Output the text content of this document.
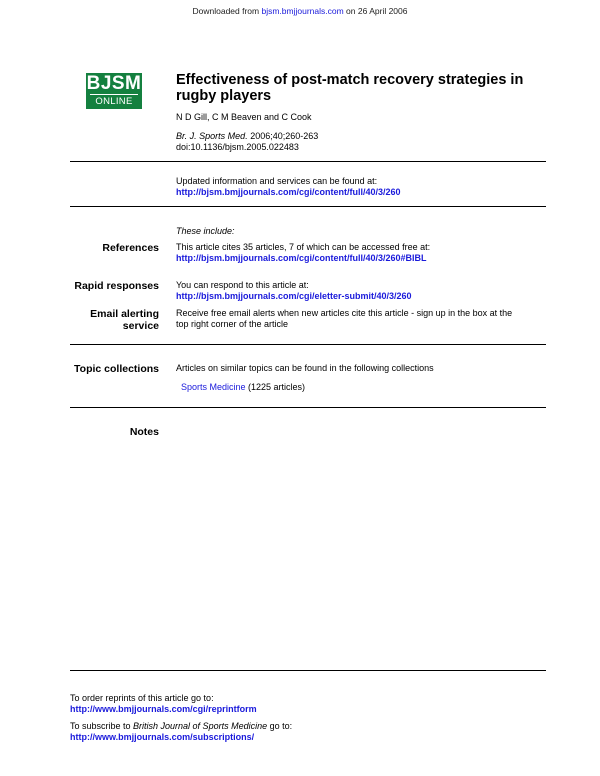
Downloaded from bjsm.bmjjournals.com on 26 April 2006
BJSM
ONLINE
Effectiveness of post-match recovery strategies in rugby players
N D Gill, C M Beaven and C Cook
Br. J. Sports Med. 2006;40;260-263
doi:10.1136/bjsm.2005.022483
Updated information and services can be found at:
http://bjsm.bmjjournals.com/cgi/content/full/40/3/260
These include:
References This article cites 35 articles, 7 of which can be accessed free at:
http://bjsm.bmjjournals.com/cgi/content/full/40/3/260#BIBL
Rapid responses You can respond to this article at:
http://bjsm.bmjjournals.com/cgi/eletter-submit/40/3/260
Email alerting
service
Receive free email alerts when new articles cite this article - sign up in the box at the
top right corner of the article
Topic collections Articles on similar topics can be found in the following collections
Sports Medicine (1225 articles)
Notes
To order reprints of this article go to:
http://www.bmjjournals.com/cgi/reprintform
To subscribe to British Journal of Sports Medicine go to:
http://www.bmjjournals.com/subscriptions/
